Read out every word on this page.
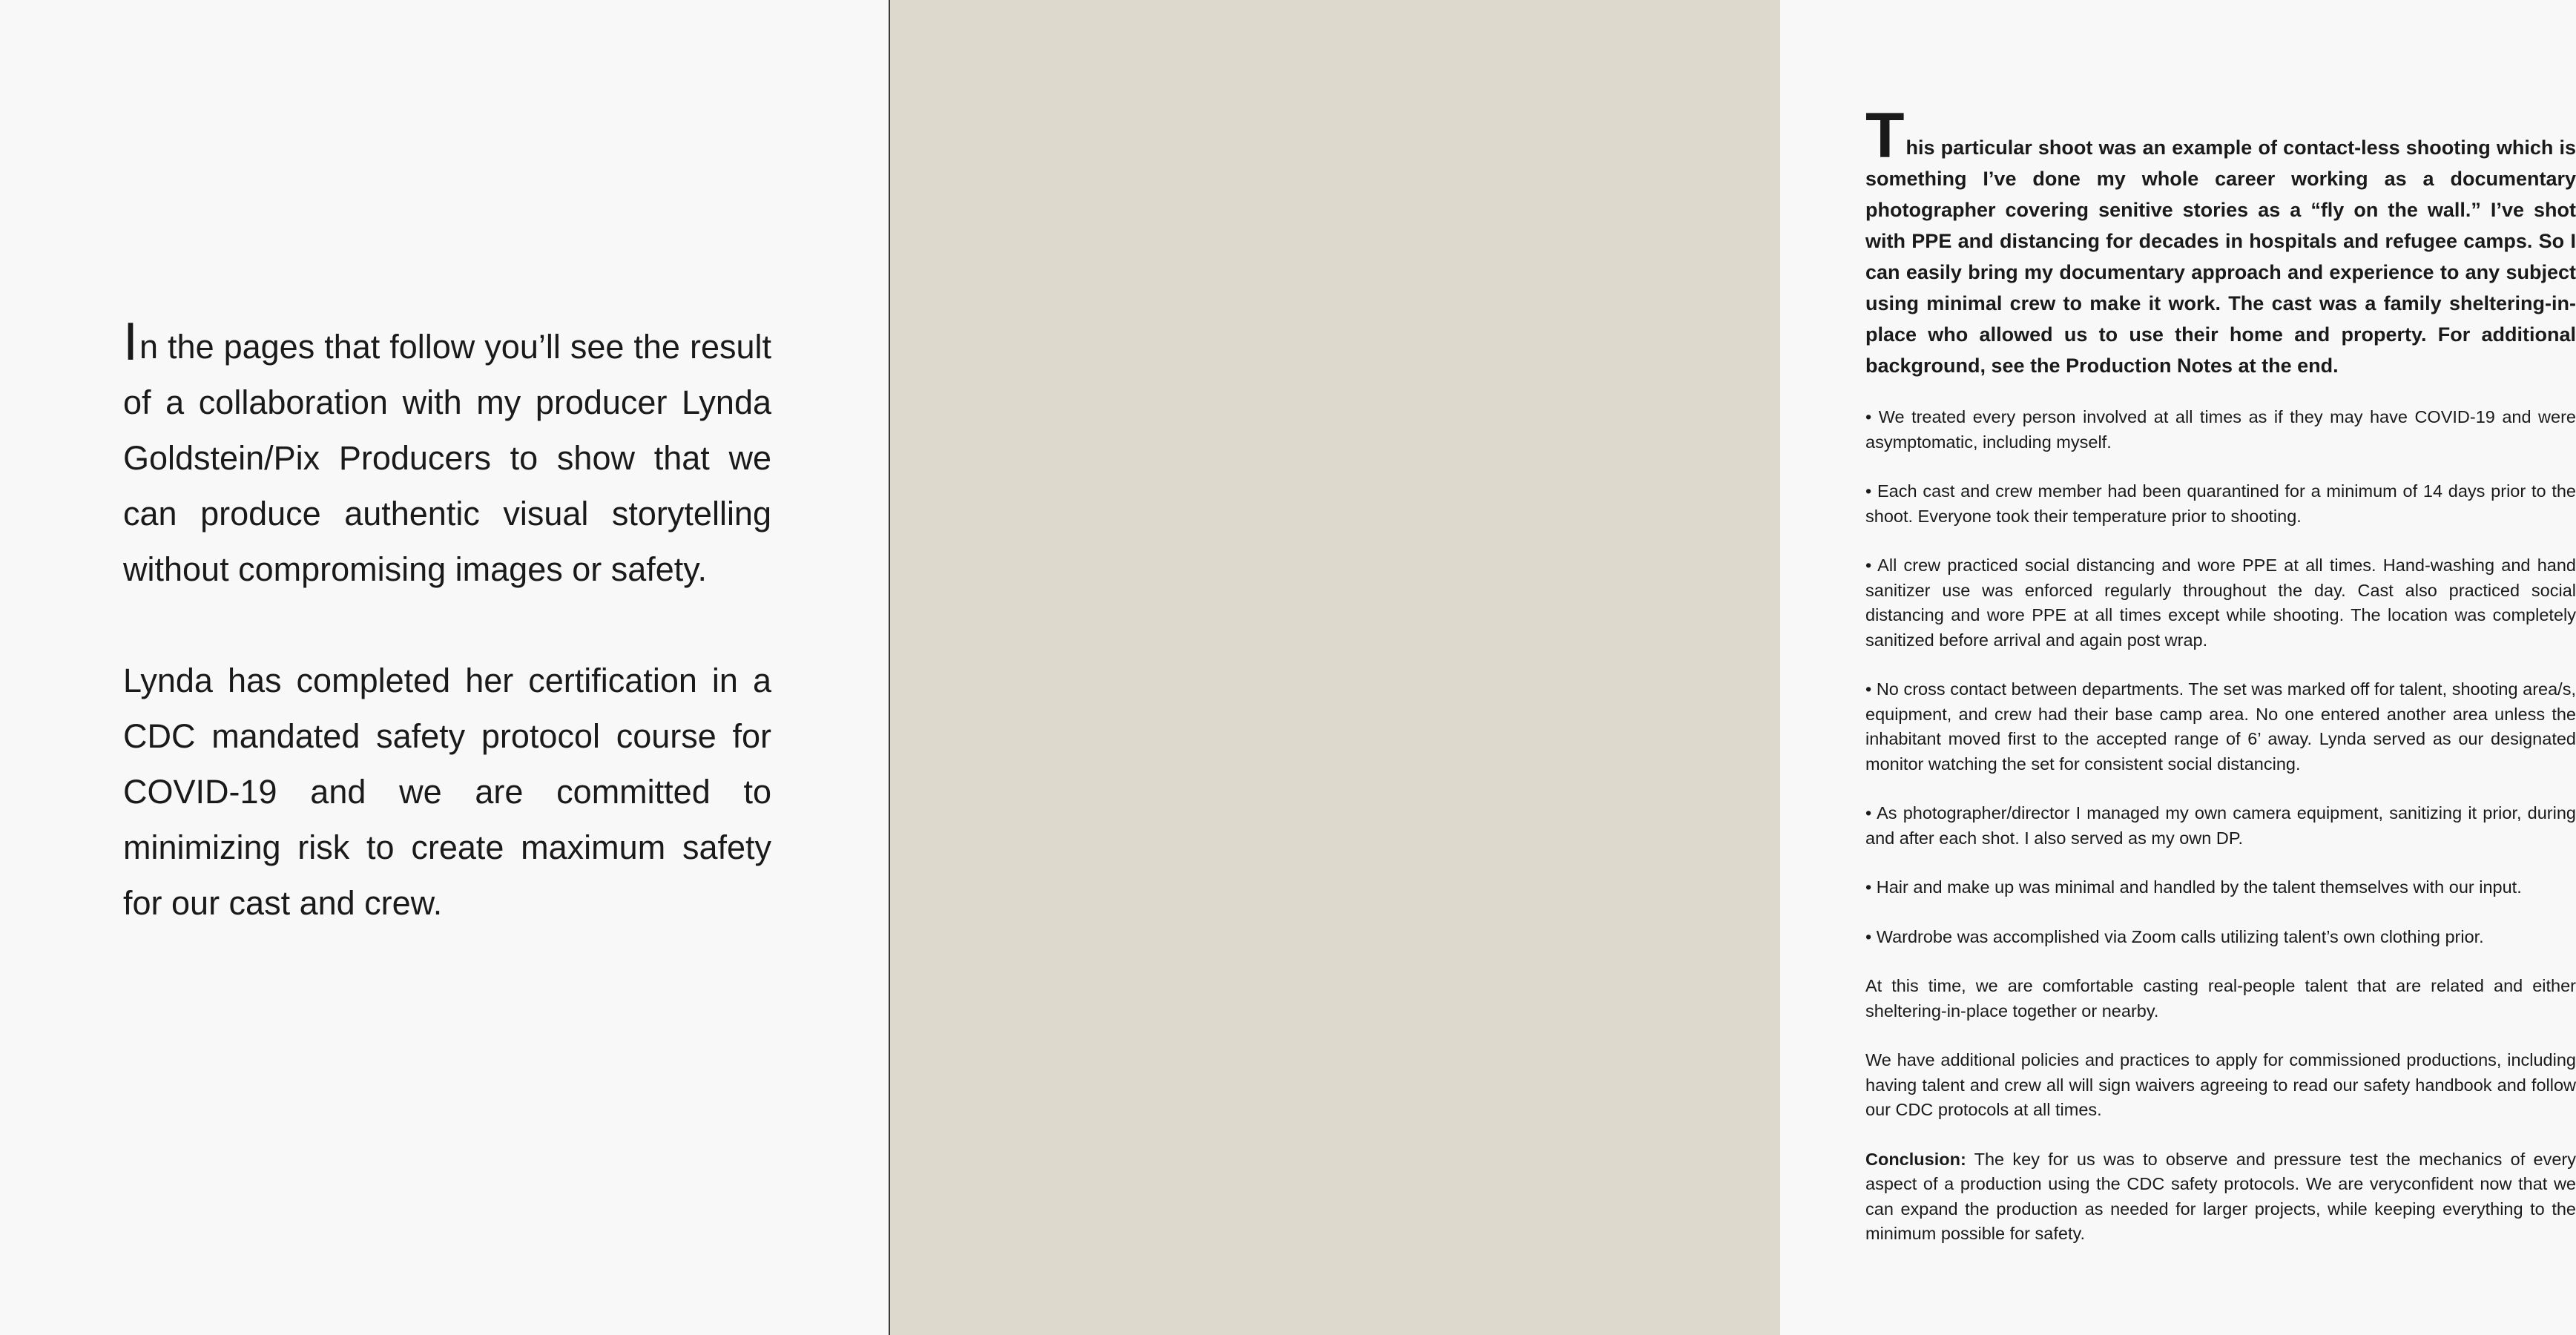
In the pages that follow you’ll see the result of a collaboration with my producer Lynda Goldstein/Pix Producers to show that we can produce authentic visual storytelling without compromising images or safety.

Lynda has completed her certification in a CDC mandated safety protocol course for COVID-19 and we are committed to minimizing risk to create maximum safety for our cast and crew.

This particular shoot was an example of contact-less shooting which is something I’ve done my whole career working as a documentary photographer covering senitive stories as a “fly on the wall.” I’ve shot with PPE and distancing for decades in hospitals and refugee camps. So I can easily bring my documentary approach and experience to any subject using minimal crew to make it work. The cast was a family sheltering-in-place who allowed us to use their home and property. For additional background, see the Production Notes at the end.

• We treated every person involved at all times as if they may have COVID-19 and were asymptomatic, including myself.

• Each cast and crew member had been quarantined for a minimum of 14 days prior to the shoot. Everyone took their temperature prior to shooting.

• All crew practiced social distancing and wore PPE at all times. Hand-washing and hand sanitizer use was enforced regularly throughout the day. Cast also practiced social distancing and wore PPE at all times except while shooting. The location was completely sanitized before arrival and again post wrap.

• No cross contact between departments. The set was marked off for talent, shooting area/s, equipment, and crew had their base camp area. No one entered another area unless the inhabitant moved first to the accepted range of 6’ away. Lynda served as our designated monitor watching the set for consistent social distancing.

• As photographer/director I managed my own camera equipment, sanitizing it prior, during and after each shot. I also served as my own DP.

• Hair and make up was minimal and handled by the talent themselves with our input.

• Wardrobe was accomplished via Zoom calls utilizing talent’s own clothing prior.

At this time, we are comfortable casting real-people talent that are related and either sheltering-in-place together or nearby.

We have additional policies and practices to apply for commissioned productions, including having talent and crew all will sign waivers agreeing to read our safety handbook and follow our CDC protocols at all times.

Conclusion: The key for us was to observe and pressure test the mechanics of every aspect of a production using the CDC safety protocols. We are veryconfident now that we can expand the production as needed for larger projects, while keeping everything to the minimum possible for safety.
